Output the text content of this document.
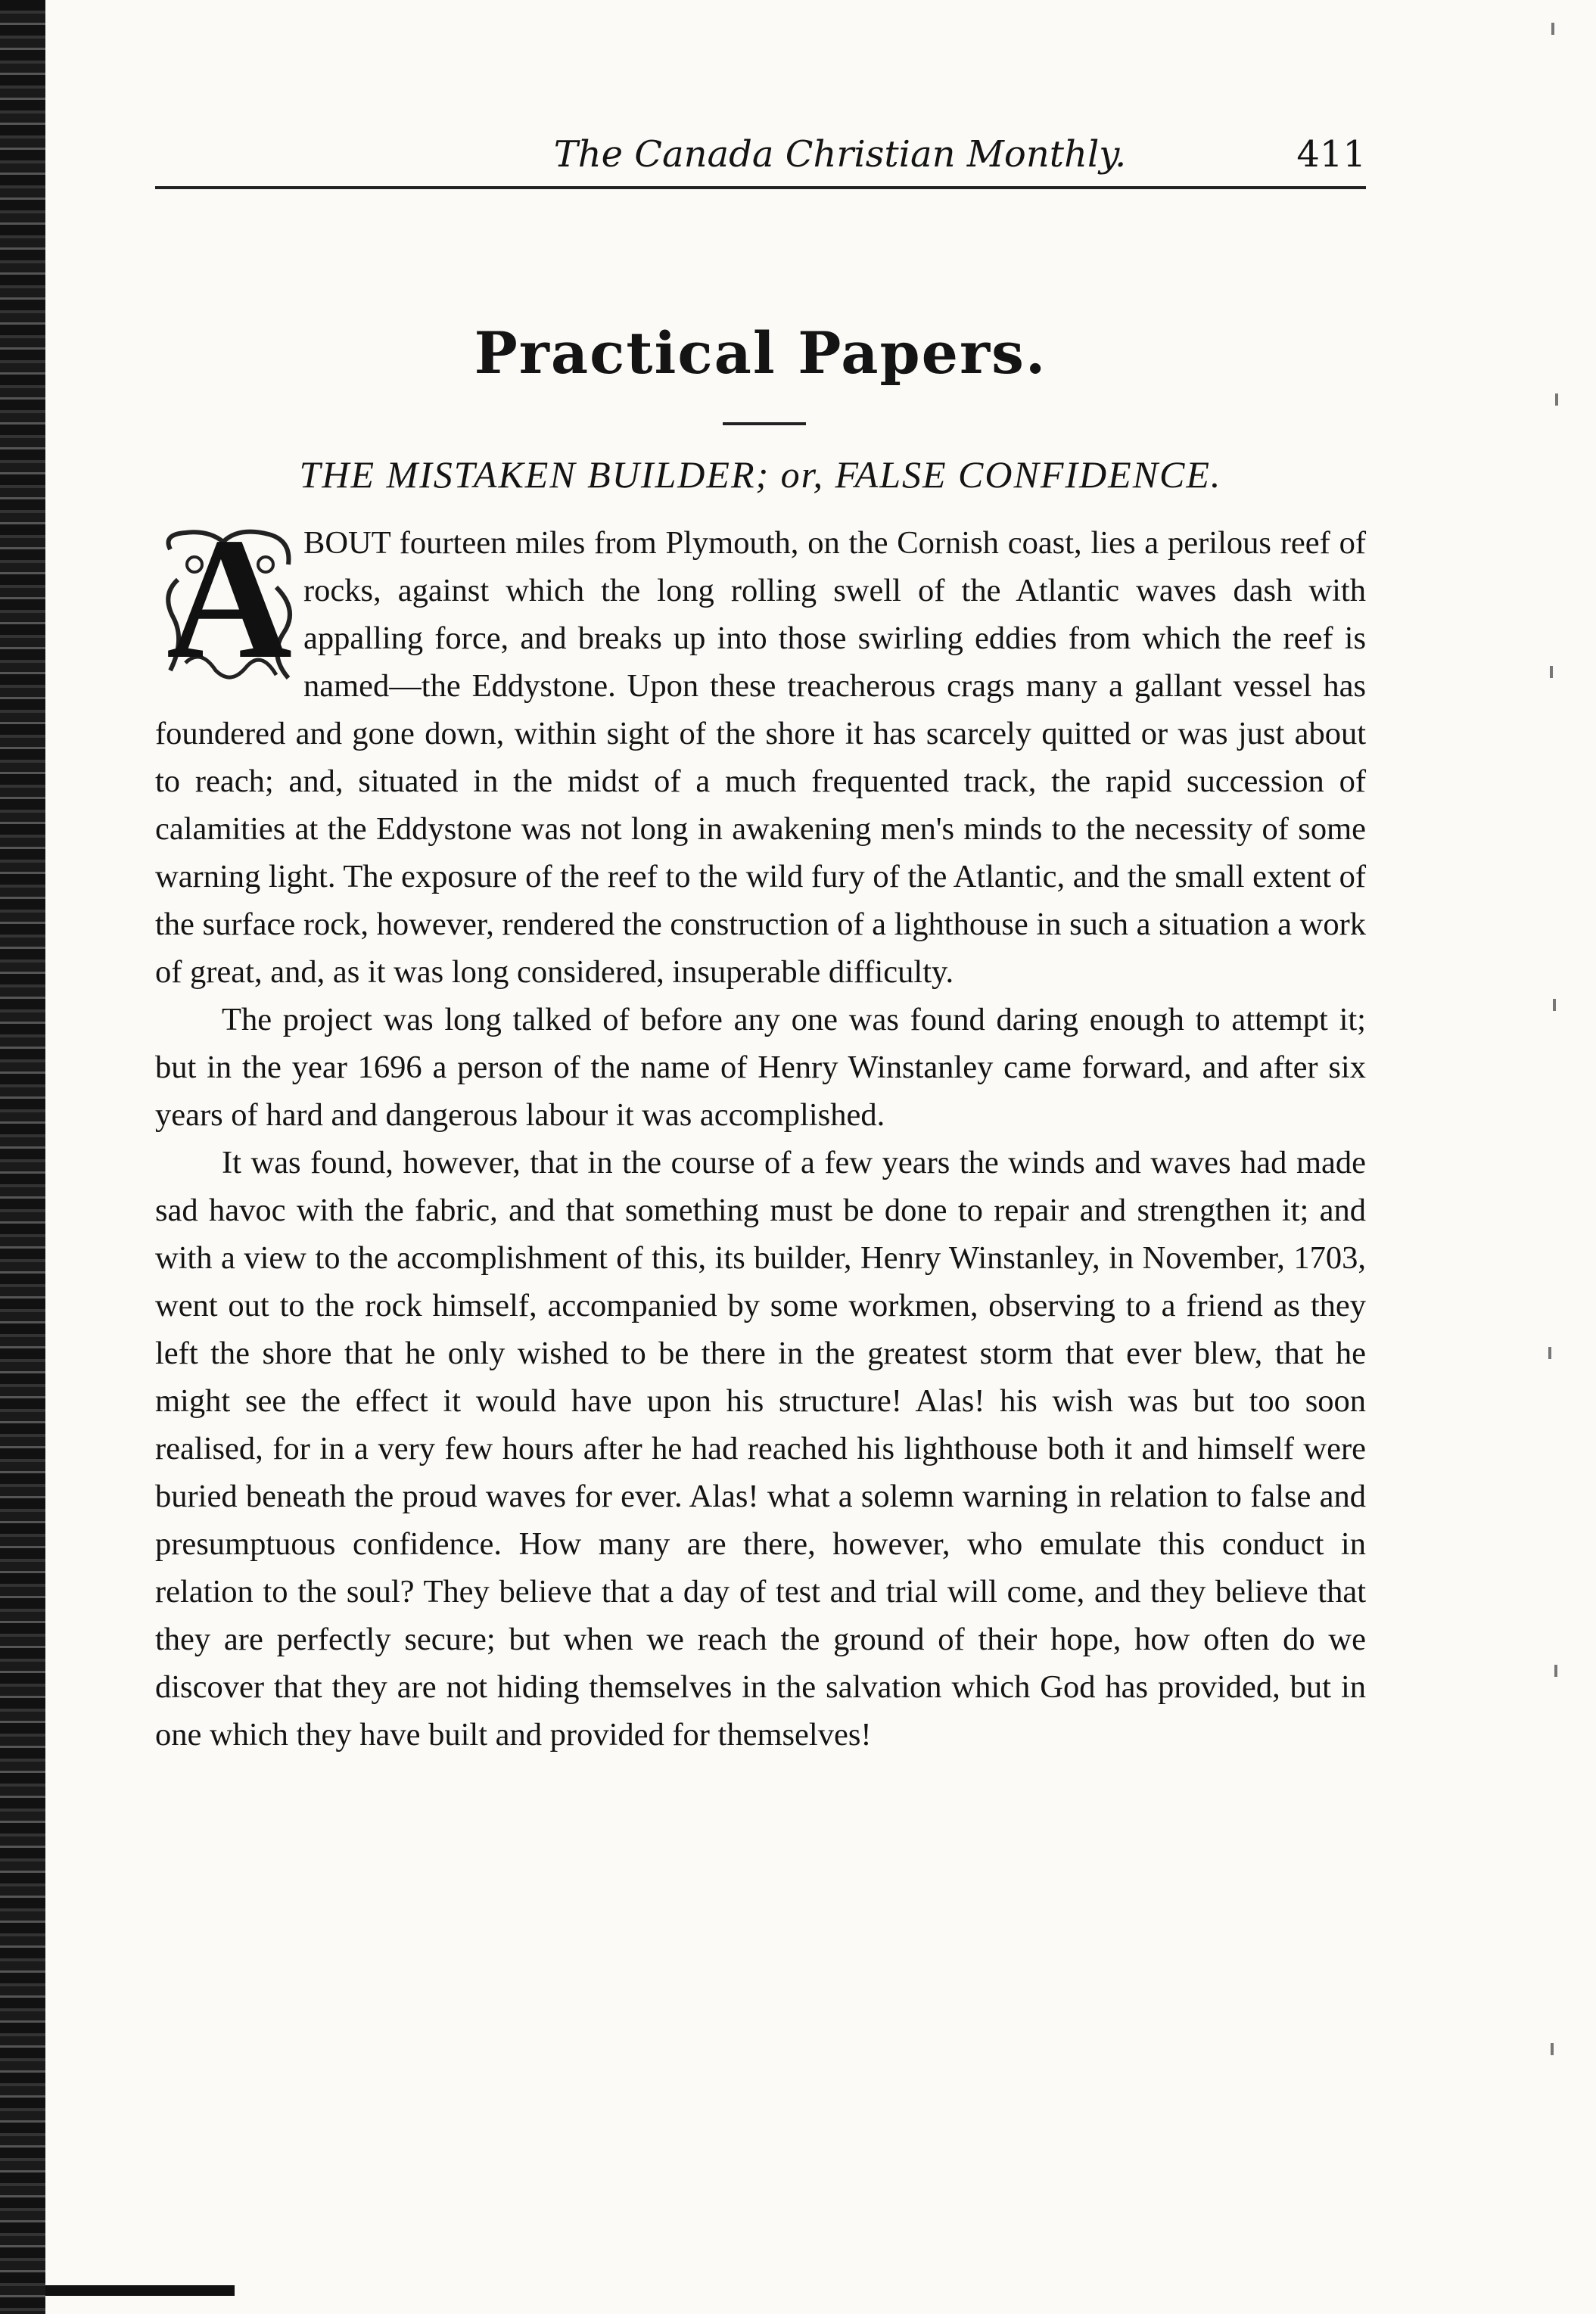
The Canada Christian Monthly.	411
Practical Papers.
THE MISTAKEN BUILDER; or, FALSE CONFIDENCE.
A BOUT fourteen miles from Plymouth, on the Cornish coast, lies a perilous reef of rocks, against which the long rolling swell of the Atlantic waves dash with appalling force, and breaks up into those swirling eddies from which the reef is named—the Eddystone. Upon these treacherous crags many a gallant vessel has foundered and gone down, within sight of the shore it has scarcely quitted or was just about to reach; and, situated in the midst of a much frequented track, the rapid succession of calamities at the Eddystone was not long in awakening men's minds to the necessity of some warning light. The exposure of the reef to the wild fury of the Atlantic, and the small extent of the surface rock, however, rendered the construction of a lighthouse in such a situation a work of great, and, as it was long considered, insuperable difficulty.

The project was long talked of before any one was found daring enough to attempt it; but in the year 1696 a person of the name of Henry Winstanley came forward, and after six years of hard and dangerous labour it was accomplished.

It was found, however, that in the course of a few years the winds and waves had made sad havoc with the fabric, and that something must be done to repair and strengthen it; and with a view to the accomplishment of this, its builder, Henry Winstanley, in November, 1703, went out to the rock himself, accompanied by some workmen, observing to a friend as they left the shore that he only wished to be there in the greatest storm that ever blew, that he might see the effect it would have upon his structure! Alas! his wish was but too soon realised, for in a very few hours after he had reached his lighthouse both it and himself were buried beneath the proud waves for ever. Alas! what a solemn warning in relation to false and presumptuous confidence. How many are there, however, who emulate this conduct in relation to the soul? They believe that a day of test and trial will come, and they believe that they are perfectly secure; but when we reach the ground of their hope, how often do we discover that they are not hiding themselves in the salvation which God has provided, but in one which they have built and provided for themselves!
